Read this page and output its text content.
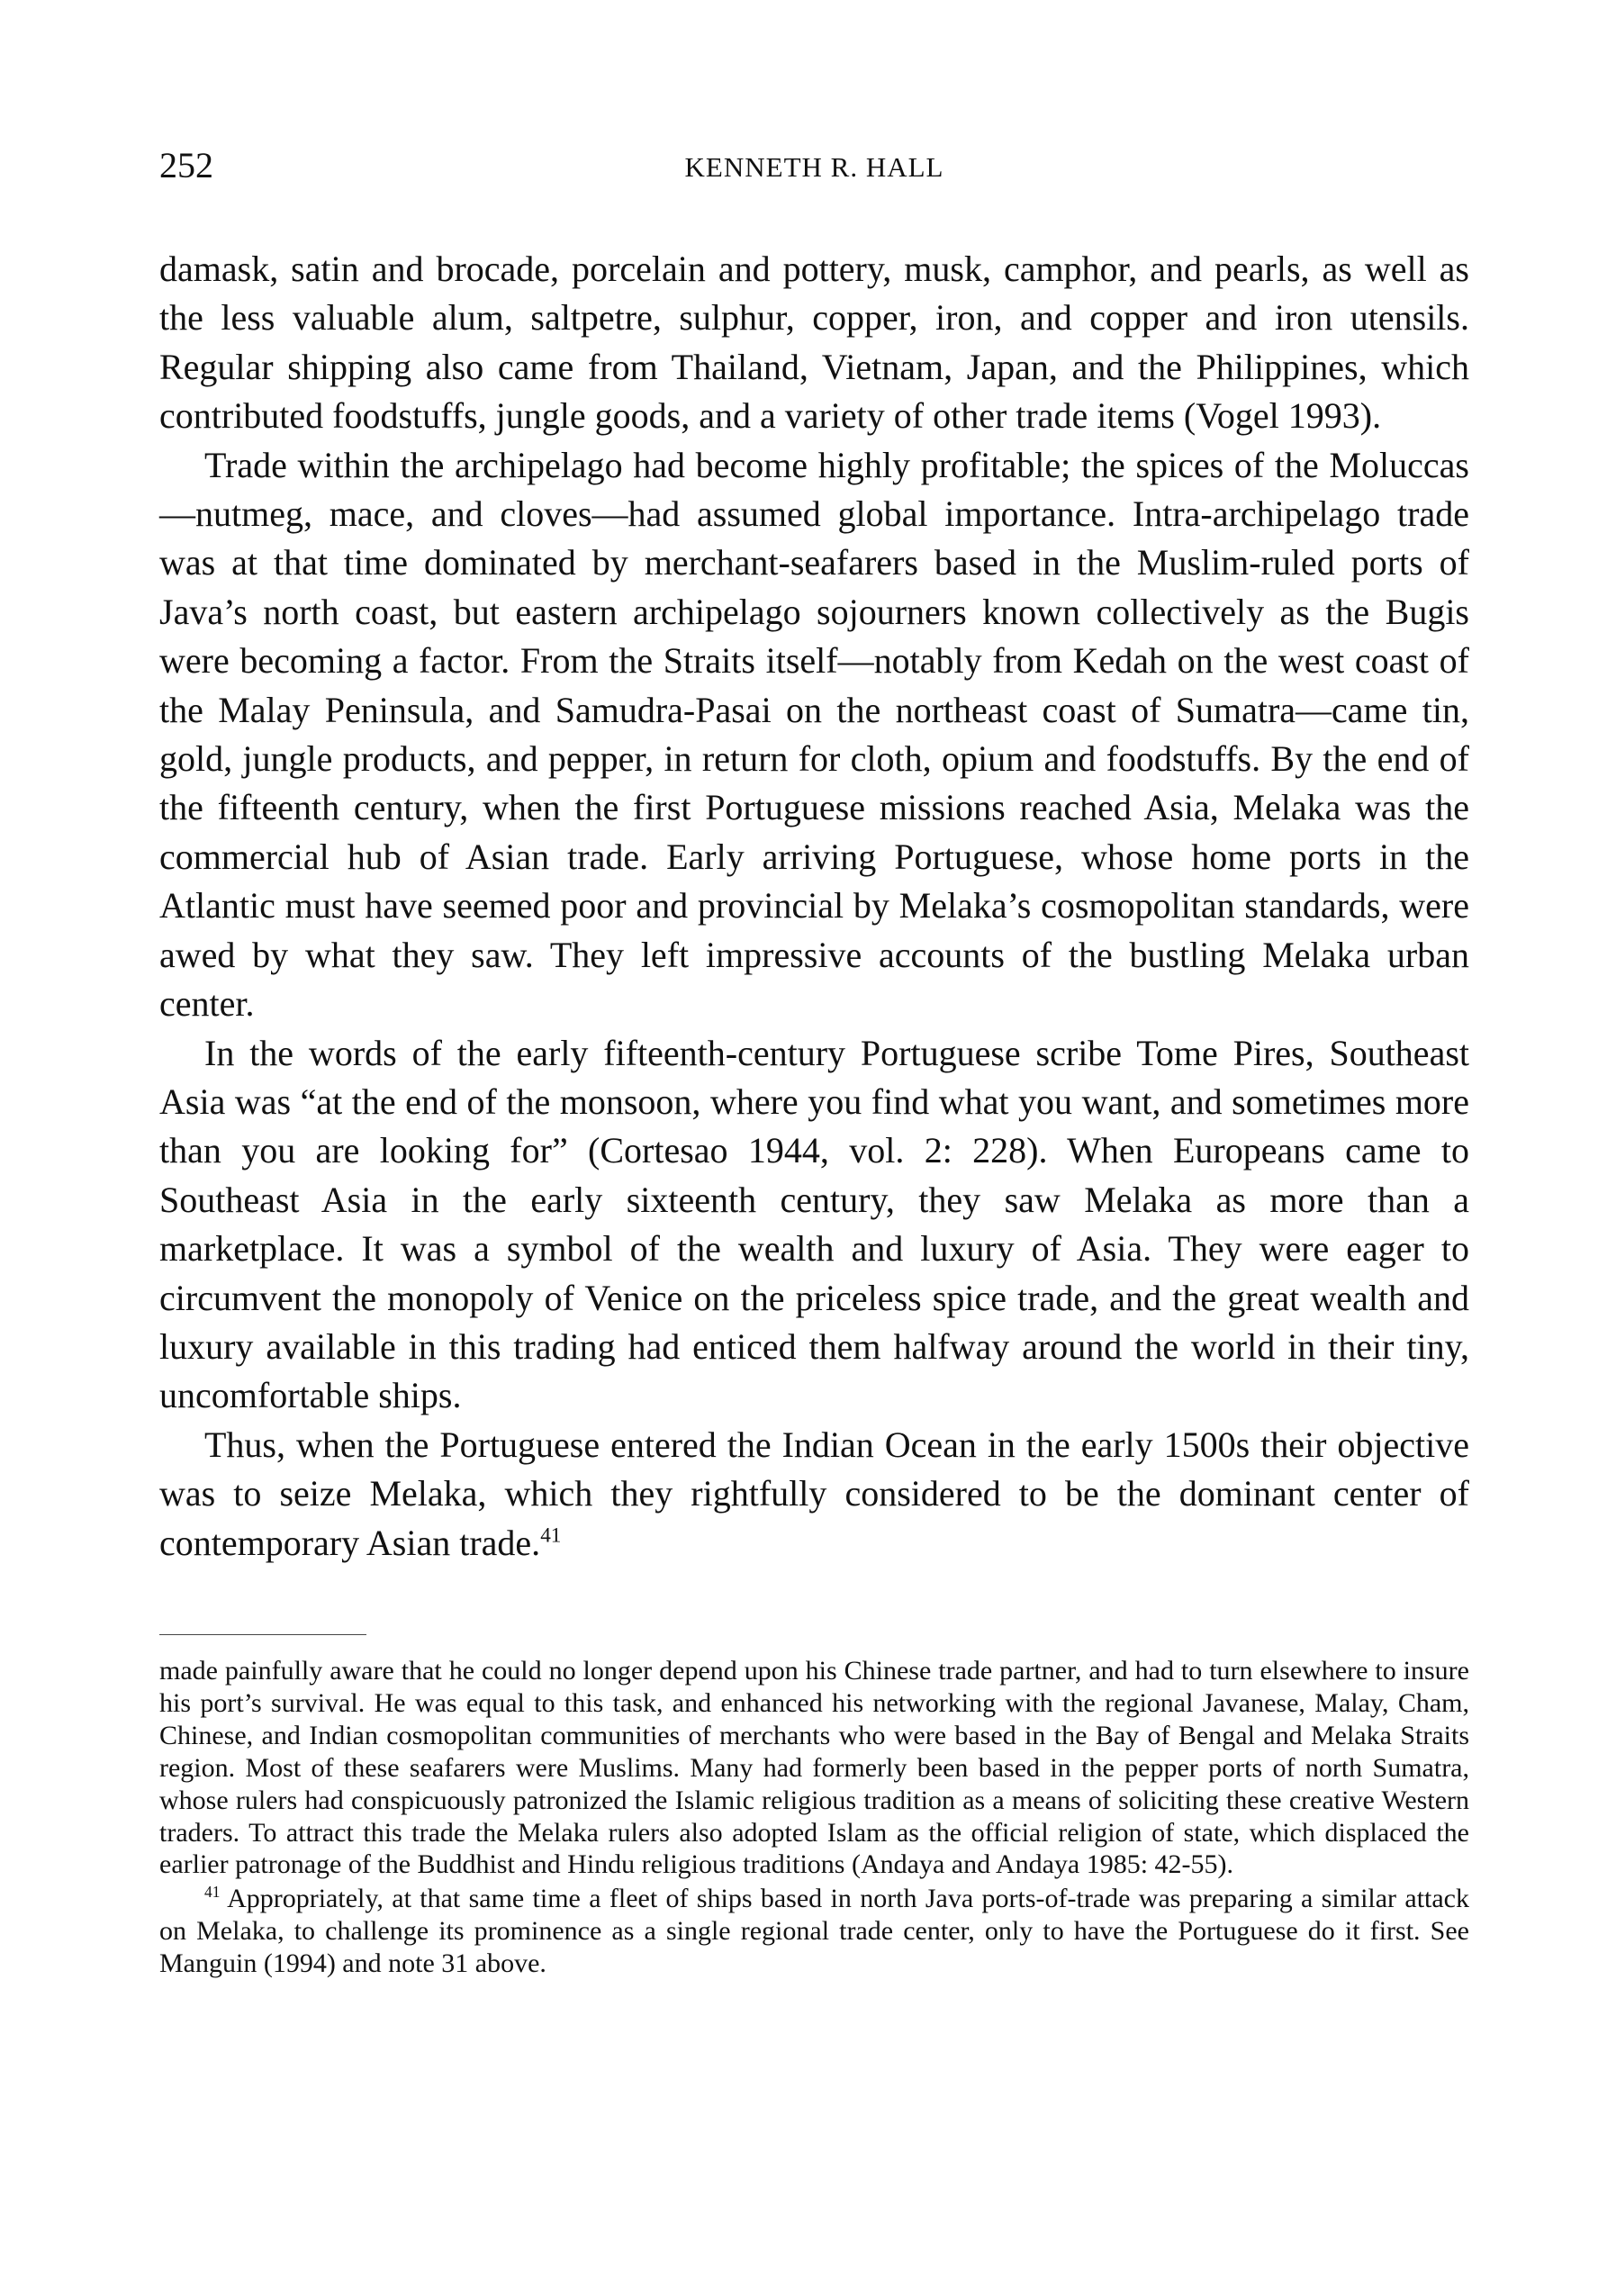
252	KENNETH R. HALL

damask, satin and brocade, porcelain and pottery, musk, camphor, and pearls, as well as the less valuable alum, saltpetre, sulphur, copper, iron, and copper and iron utensils. Regular shipping also came from Thailand, Vietnam, Japan, and the Philippines, which contributed foodstuffs, jungle goods, and a variety of other trade items (Vogel 1993).

Trade within the archipelago had become highly profitable; the spices of the Moluccas—nutmeg, mace, and cloves—had assumed global importance. Intra-archipelago trade was at that time dominated by merchant-seafarers based in the Muslim-ruled ports of Java’s north coast, but eastern archipelago sojourners known collectively as the Bugis were becoming a factor. From the Straits itself—notably from Kedah on the west coast of the Malay Peninsula, and Samudra-Pasai on the northeast coast of Sumatra—came tin, gold, jungle products, and pepper, in return for cloth, opium and foodstuffs. By the end of the fifteenth century, when the first Portuguese missions reached Asia, Melaka was the commercial hub of Asian trade. Early arriving Portuguese, whose home ports in the Atlantic must have seemed poor and provincial by Melaka’s cosmopolitan standards, were awed by what they saw. They left impressive accounts of the bustling Melaka urban center.

In the words of the early fifteenth-century Portuguese scribe Tome Pires, Southeast Asia was “at the end of the monsoon, where you find what you want, and sometimes more than you are looking for” (Cortesao 1944, vol. 2: 228). When Europeans came to Southeast Asia in the early sixteenth century, they saw Melaka as more than a marketplace. It was a symbol of the wealth and luxury of Asia. They were eager to circumvent the monopoly of Venice on the priceless spice trade, and the great wealth and luxury available in this trading had enticed them halfway around the world in their tiny, uncomfortable ships.

Thus, when the Portuguese entered the Indian Ocean in the early 1500s their objective was to seize Melaka, which they rightfully considered to be the dominant center of contemporary Asian trade.$^{41}$

made painfully aware that he could no longer depend upon his Chinese trade partner, and had to turn elsewhere to insure his port’s survival. He was equal to this task, and enhanced his networking with the regional Javanese, Malay, Cham, Chinese, and Indian cosmopolitan communities of merchants who were based in the Bay of Bengal and Melaka Straits region. Most of these seafarers were Muslims. Many had formerly been based in the pepper ports of north Sumatra, whose rulers had conspicuously patronized the Islamic religious tradition as a means of soliciting these creative Western traders. To attract this trade the Melaka rulers also adopted Islam as the official religion of state, which displaced the earlier patronage of the Buddhist and Hindu religious traditions (Andaya and Andaya 1985: 42-55).

$^{41}$ Appropriately, at that same time a fleet of ships based in north Java ports-of-trade was preparing a similar attack on Melaka, to challenge its prominence as a single regional trade center, only to have the Portuguese do it first. See Manguin (1994) and note 31 above.
